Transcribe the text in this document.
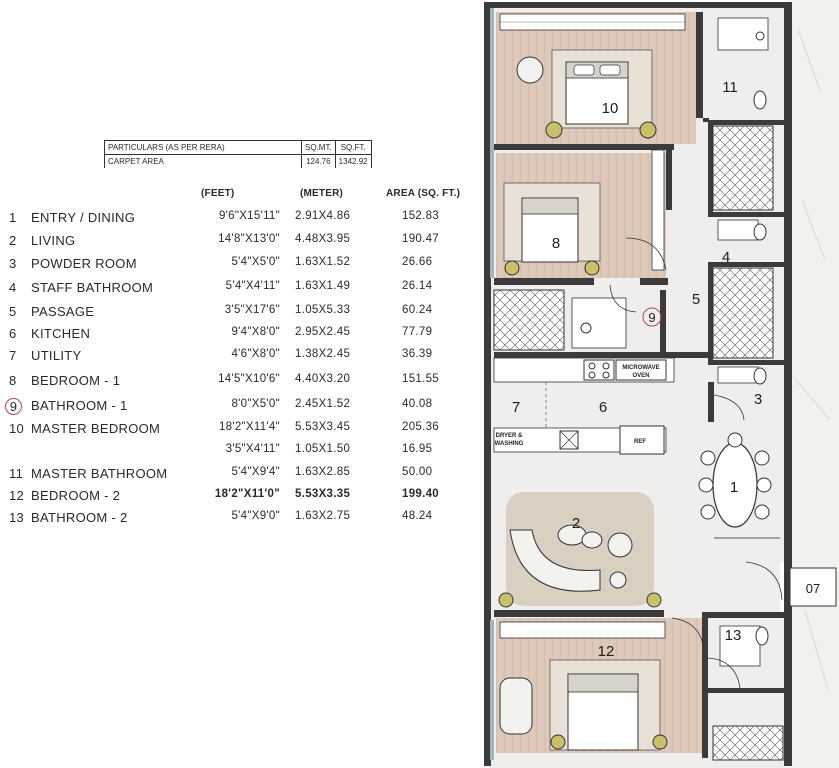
PARTICULARS (AS PER RERA)	SQ.MT.	SQ.FT.
CARPET AREA	124.76	1342.92
(FEET)	(METER)	AREA (SQ. FT.)
1 ENTRY / DINING	9'6"X15'11" 2.91X4.86	152.83
2 LIVING	14'8"X13'0" 4.48X3.95	190.47
3 POWDER ROOM	5'4"X5'0" 1.63X1.52	26.66
4 STAFF BATHROOM	5'4"X4'11" 1.63X1.49	26.14
5 PASSAGE	3'5"X17'6" 1.05X5.33	60.24
6 KITCHEN	9'4"X8'0" 2.95X2.45	77.79
7 UTILITY	4'6"X8'0" 1.38X2.45	36.39
8 BEDROOM - 1	14'5"X10'6" 4.40X3.20	151.55
9	BATHROOM - 1	8'0"X5'0" 2.45X1.52	40.08
10 MASTER BEDROOM	18'2"X11'4" 5.53X3.45	205.36
3'5"X4'11" 1.05X1.50	16.95
11 MASTER BATHROOM	5'4"X9'4" 1.63X2.85	50.00
12 BEDROOM - 2	18'2"X11'0" 5.53X3.35	199.40
13 BATHROOM - 2	5'4"X9'0" 1.63X2.75	48.24
MICROWAVE
OVEN
DRYER &
WASHING	REF
07
10
11
8
4
5
9
3
7	6
1
2
13
12
